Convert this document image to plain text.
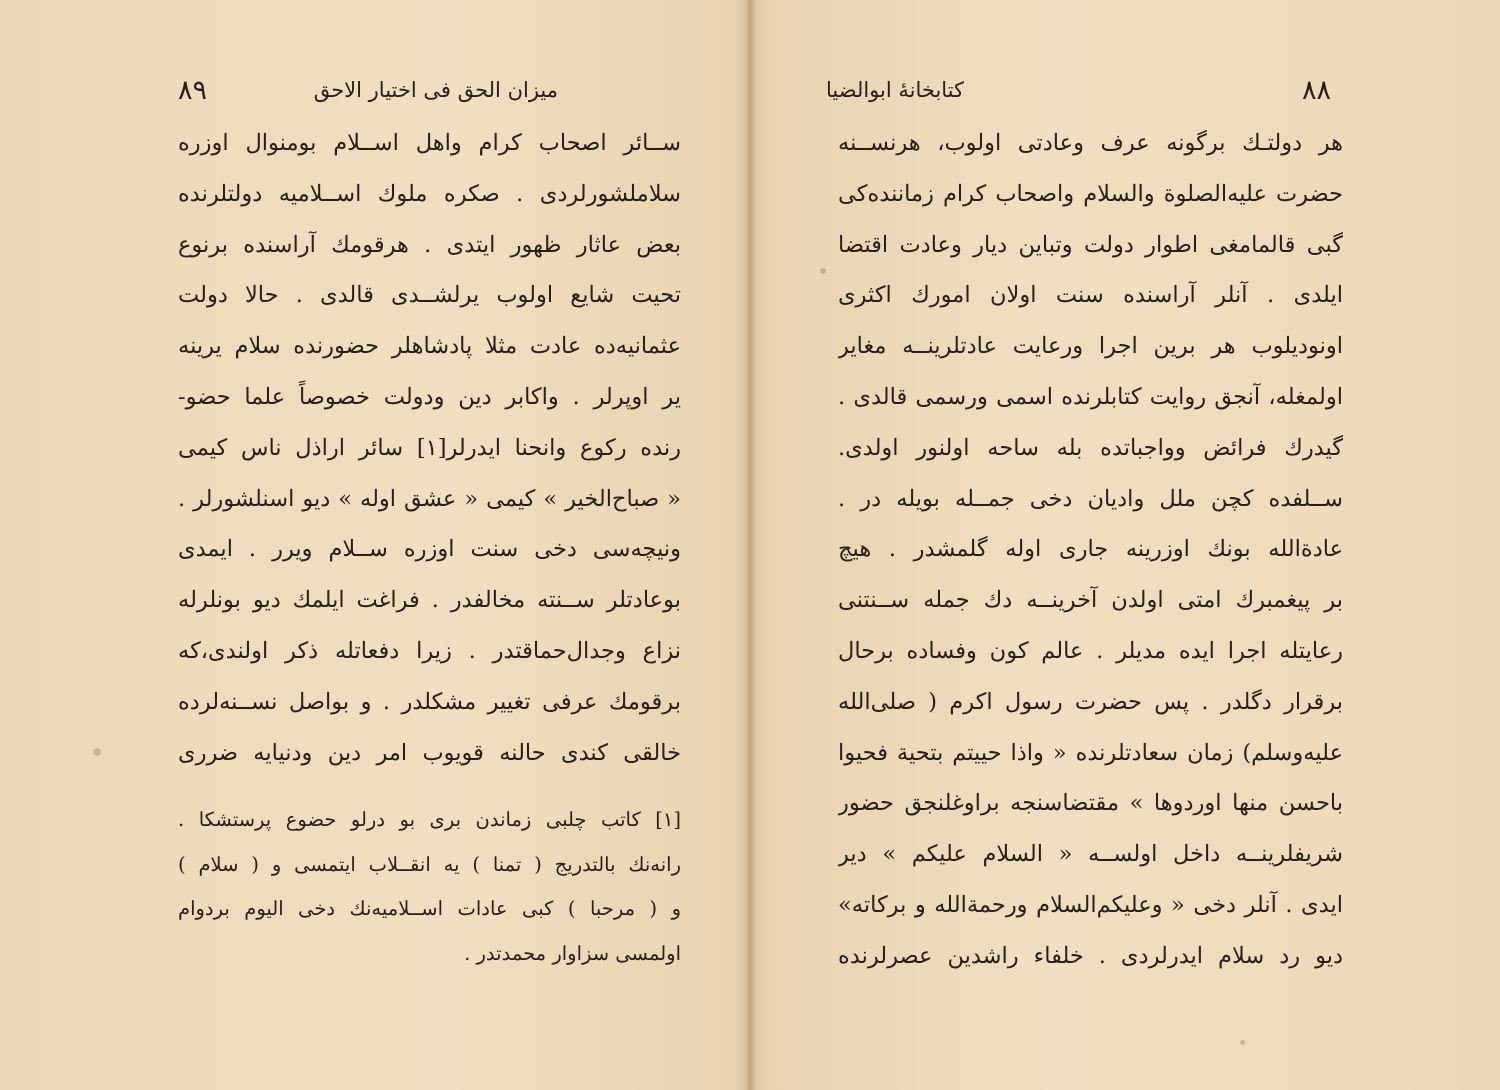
٨٩	میزان الحق فی اختیار الاحق
ســائر اصحاب کرام واهل اســلام بومنوال اوزره
سلاملشورلردی . صکره ملوك اســلامیه دولتلرنده
بعض عاثار ظهور ایتدی . هرقومك آراسنده برنوع
تحیت شایع اولوب یرلشــدی قالدی . حالا دولت
عثمانیه‌ده عادت مثلا پادشاهلر حضورنده سلام یرینه
یر اوپرلر . واکابر دین ودولت خصوصاً علما حضو-
رنده رکوع وانحنا ایدرلر[١] سائر اراذل ناس کیمی
« صباح‌الخیر » کیمی « عشق اوله » دیو اسنلشورلر .
ونیچه‌سی دخی سنت اوزره ســلام ویرر . ایمدی
بوعادتلر ســنته مخالفدر . فراغت ایلمك دیو بونلرله
نزاع وجدال‌حماقتدر . زیرا دفعاتله ذکر اولندی،که
برقومك عرفی تغییر مشکلدر . و بواصل نســنه‌لرده
خالقی کندی حالنه قویوب امر دین ودنیایه ضرری
[١] کاتب چلبی زماندن بری بو درلو حضوع پرستشکا .
رانه‌نك بالتدریج ( تمنا ) یه انقــلاب ایتمسی و ( سلام )
و ( مرحبا ) کبی عادات اســلامیه‌نك دخی الیوم بردوام
اولمسی سزاوار محمدتدر .
کتابخانهٔ ابوالضیا	٨٨
هر دولتـك برگونه عرف وعادتی اولوب، هرنســنه
حضرت علیه‌الصلوة والسلام واصحاب کرام زماننده‌کی
گبی قالمامغی اطوار دولت وتباین دیار وعادت اقتضا
ایلدی . آنلر آراسنده سنت اولان امورك اکثری
اونودیلوب هر برین اجرا ورعایت عادتلرینــه مغایر
اولمغله، آنجق روایت کتابلرنده اسمی ورسمی قالدی .
گیدرك فرائض وواجباتده بله ساحه اولنور اولدی.
ســلفده کچن ملل وادیان دخی جمــله بویله در .
عادةالله بونك اوزرینه جاری اوله گلمشدر . هیچ
بر پیغمبرك امتی اولدن آخرینــه دك جمله ســنتنی
رعایتله اجرا ایده مدیلر . عالم کون وفساده برحال
برقرار دگلدر . پس حضرت رسول اکرم ( صلی‌الله
علیه‌وسلم) زمان سعادتلرنده « واذا حییتم بتحیة فحیوا
باحسن منها اوردوها » مقتضاسنجه براوغلنجق حضور
شریفلرینــه داخل اولســه « السلام علیکم » دیر
ایدی . آنلر دخی « وعلیکم‌السلام ورحمةالله و برکاته»
دیو رد سلام ایدرلردی . خلفاء راشدین عصرلرنده
